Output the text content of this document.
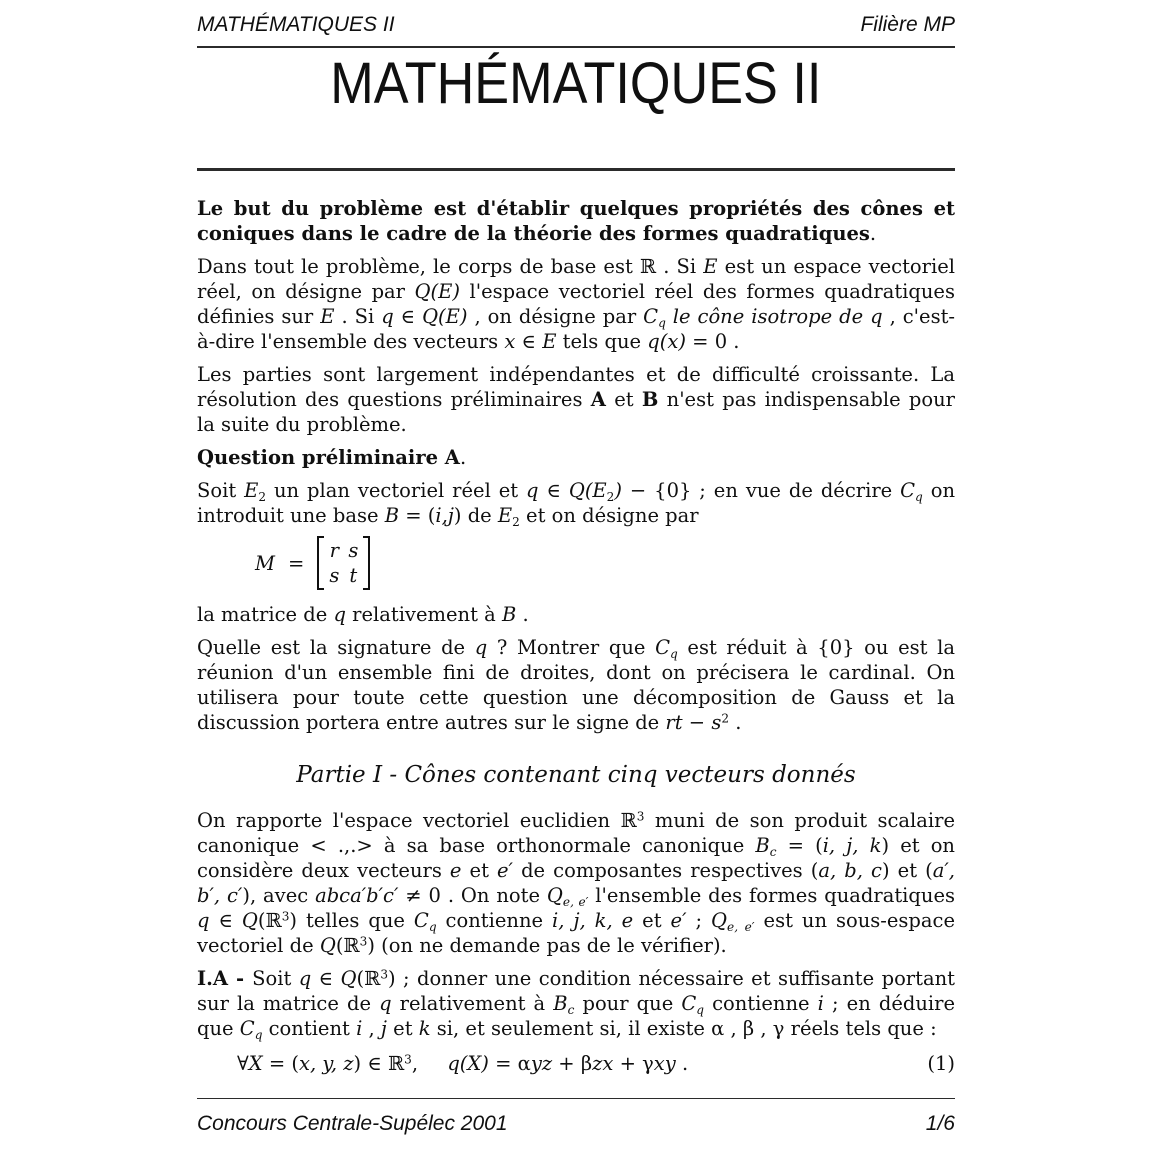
MATHÉMATIQUES II	Filière MP
MATHÉMATIQUES II

Le but du problème est d'établir quelques propriétés des cônes et coniques dans le cadre de la théorie des formes quadratiques.

Dans tout le problème, le corps de base est ℝ . Si E est un espace vectoriel réel, on désigne par Q(E) l'espace vectoriel réel des formes quadratiques définies sur E . Si q ∈ Q(E) , on désigne par Cq le cône isotrope de q , c'est-à-dire l'ensemble des vecteurs x ∈ E tels que q(x) = 0 .

Les parties sont largement indépendantes et de difficulté croissante. La résolution des questions préliminaires A et B n'est pas indispensable pour la suite du problème.

Question préliminaire A.

Soit E2 un plan vectoriel réel et q ∈ Q(E2) − {0} ; en vue de décrire Cq on introduit une base B = (i,j) de E2 et on désigne par

M =
r s
s t

la matrice de q relativement à B .

Quelle est la signature de q ? Montrer que Cq est réduit à {0} ou est la réunion d'un ensemble fini de droites, dont on précisera le cardinal. On utilisera pour toute cette question une décomposition de Gauss et la discussion portera entre autres sur le signe de rt − $s^2$ .

Partie I - Cônes contenant cinq vecteurs donnés

On rapporte l'espace vectoriel euclidien ℝ$^3$ muni de son produit scalaire canonique < .,.> à sa base orthonormale canonique Bc = (i, j, k) et on considère deux vecteurs e et e′ de composantes respectives (a, b, c) et (a′, b′, c′), avec abca′b′c′ ≠ 0 . On note Qe, e′ l'ensemble des formes quadratiques q ∈ Q(ℝ$^3$) telles que Cq contienne i, j, k, e et e′ ; Qe, e′ est un sous-espace vectoriel de Q(ℝ$^3$) (on ne demande pas de le vérifier).

I.A - Soit q ∈ Q(ℝ$^3$) ; donner une condition nécessaire et suffisante portant sur la matrice de q relativement à Bc pour que Cq contienne i ; en déduire que Cq contient i , j et k si, et seulement si, il existe α , β , γ réels tels que :

∀X = (x, y, z) ∈ ℝ$^3$,   q(X) = αyz + βzx + γxy .	(1)
Concours Centrale-Supélec 2001	1/6
